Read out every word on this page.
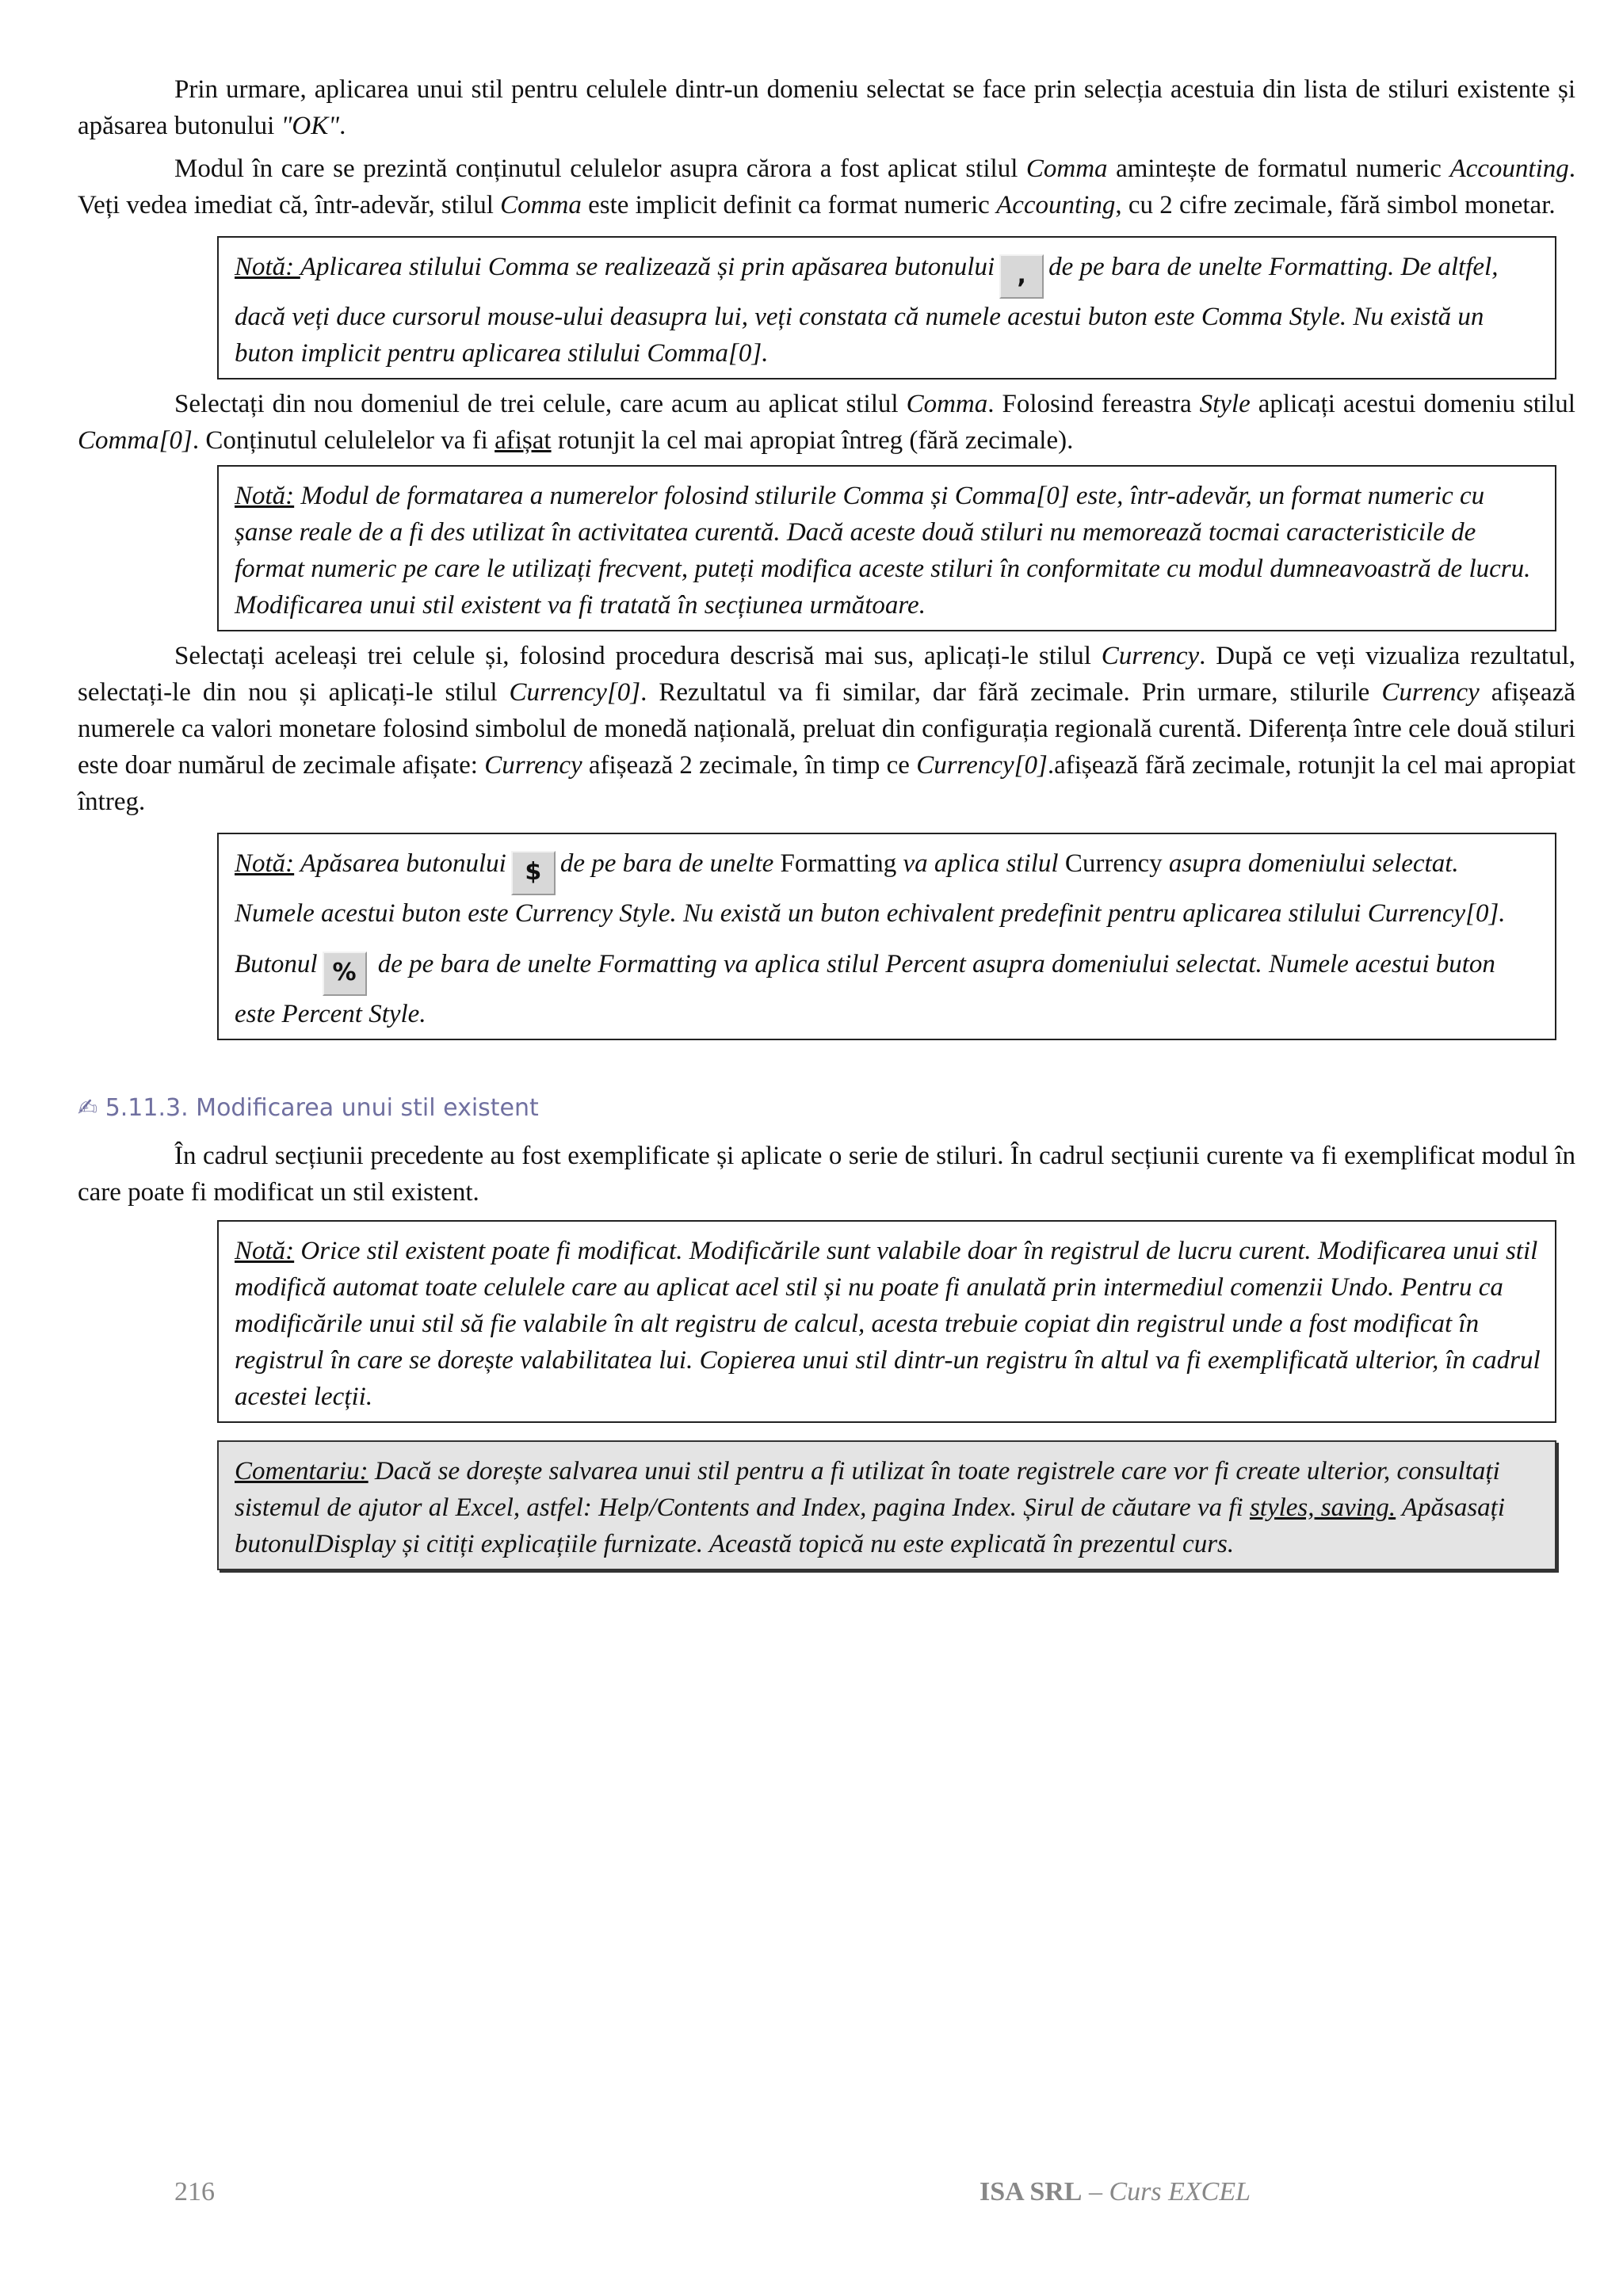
Prin urmare, aplicarea unui stil pentru celulele dintr-un domeniu selectat se face prin selecția acestuia din lista de stiluri existente și apăsarea butonului "OK".

Modul în care se prezintă conținutul celulelor asupra cărora a fost aplicat stilul Comma amintește de formatul numeric Accounting. Veți vedea imediat că, într-adevăr, stilul Comma este implicit definit ca format numeric Accounting, cu 2 cifre zecimale, fără simbol monetar.

Notă: Aplicarea stilului Comma se realizează și prin apăsarea butonului , de pe bara de unelte Formatting. De altfel, dacă veți duce cursorul mouse-ului deasupra lui, veți constata că numele acestui buton este Comma Style. Nu există un buton implicit pentru aplicarea stilului Comma[0].

Selectați din nou domeniul de trei celule, care acum au aplicat stilul Comma. Folosind fereastra Style aplicați acestui domeniu stilul Comma[0]. Conținutul celulelelor va fi afișat rotunjit la cel mai apropiat întreg (fără zecimale).

Notă: Modul de formatarea a numerelor folosind stilurile Comma și Comma[0] este, într-adevăr, un format numeric cu șanse reale de a fi des utilizat în activitatea curentă. Dacă aceste două stiluri nu memorează tocmai caracteristicile de format numeric pe care le utilizați frecvent, puteți modifica aceste stiluri în conformitate cu modul dumneavoastră de lucru. Modificarea unui stil existent va fi tratată în secțiunea următoare.

Selectați aceleași trei celule și, folosind procedura descrisă mai sus, aplicați-le stilul Currency. După ce veți vizualiza rezultatul, selectați-le din nou și aplicați-le stilul Currency[0]. Rezultatul va fi similar, dar fără zecimale. Prin urmare, stilurile Currency afișează numerele ca valori monetare folosind simbolul de monedă națională, preluat din configurația regională curentă. Diferența între cele două stiluri este doar numărul de zecimale afișate: Currency afișează 2 zecimale, în timp ce Currency[0].afișează fără zecimale, rotunjit la cel mai apropiat întreg.

Notă: Apăsarea butonului $ de pe bara de unelte Formatting va aplica stilul Currency asupra domeniului selectat. Numele acestui buton este Currency Style. Nu există un buton echivalent predefinit pentru aplicarea stilului Currency[0].
Butonul % de pe bara de unelte Formatting va aplica stilul Percent asupra domeniului selectat. Numele acestui buton este Percent Style.

✍ 5.11.3. Modificarea unui stil existent

În cadrul secțiunii precedente au fost exemplificate și aplicate o serie de stiluri. În cadrul secțiunii curente va fi exemplificat modul în care poate fi modificat un stil existent.

Notă: Orice stil existent poate fi modificat. Modificările sunt valabile doar în registrul de lucru curent. Modificarea unui stil modifică automat toate celulele care au aplicat acel stil și nu poate fi anulată prin intermediul comenzii Undo. Pentru ca modificările unui stil să fie valabile în alt registru de calcul, acesta trebuie copiat din registrul unde a fost modificat în registrul în care se dorește valabilitatea lui. Copierea unui stil dintr-un registru în altul va fi exemplificată ulterior, în cadrul acestei lecții.
Comentariu: Dacă se dorește salvarea unui stil pentru a fi utilizat în toate registrele care vor fi create ulterior, consultați sistemul de ajutor al Excel, astfel: Help/Contents and Index, pagina Index. Șirul de căutare va fi styles, saving. Apăsasați butonulDisplay și citiți explicațiile furnizate. Această topică nu este explicată în prezentul curs.
216	ISA SRL – Curs EXCEL
